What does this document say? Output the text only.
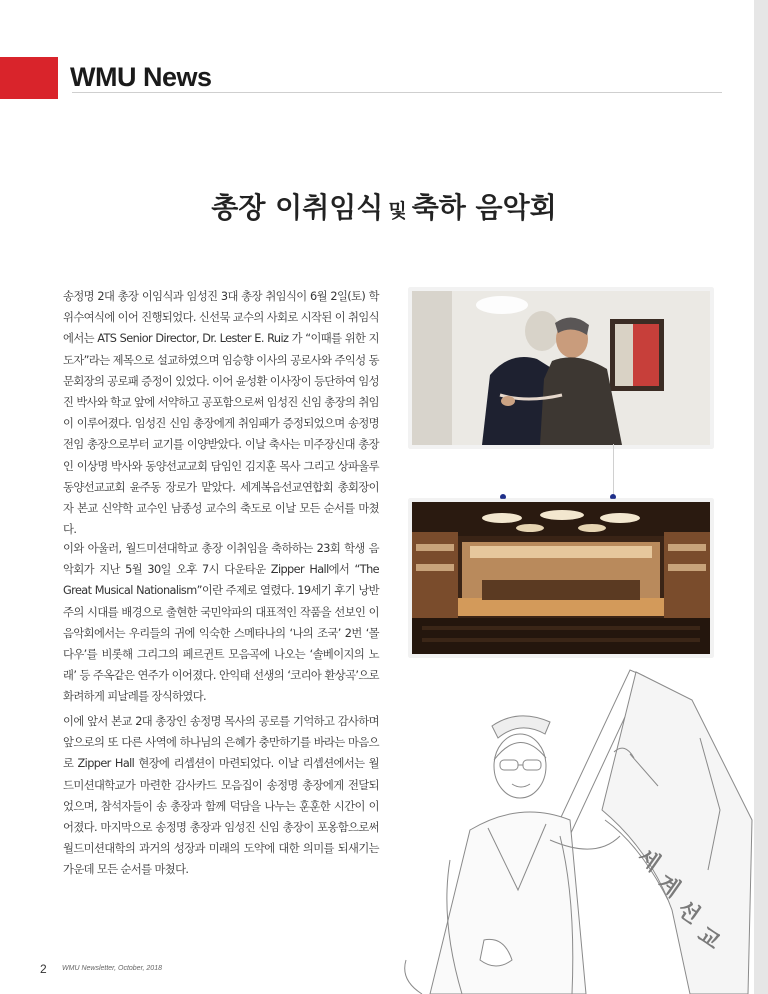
WMU News
총장 이취임식 및 축하 음악회

송정명 2대 총장 이임식과 임성진 3대 총장 취임식이 6월 2일(토) 학위수여식에 이어 진행되었다. 신선묵 교수의 사회로 시작된 이 취임식에서는 ATS Senior Director, Dr. Lester E. Ruiz 가 “이때를 위한 지도자”라는 제목으로 설교하였으며 임승향 이사의 공로사와 주익성 동문회장의 공로패 증정이 있었다. 이어 윤성환 이사장이 등단하여 임성진 박사와 학교 앞에 서약하고 공포함으로써 임성진 신임 총장의 취임이 이루어졌다. 임성진 신임 총장에게 취임패가 증정되었으며 송정명 전임 총장으로부터 교기를 이양받았다. 이날 축사는 미주장신대 총장인 이상명 박사와 동양선교교회 담임인 김지훈 목사 그리고 상파울루 동양선교교회 윤주동 장로가 맡았다. 세계복음선교연합회 총회장이자 본교 신약학 교수인 남종성 교수의 축도로 이날 모든 순서를 마쳤다.

이와 아울러, 월드미션대학교 총장 이취임을 축하하는 23회 학생 음악회가 지난 5월 30일 오후 7시 다운타운 Zipper Hall에서 “The Great Musical Nationalism”이란 주제로 열렸다. 19세기 후기 낭반주의 시대를 배경으로 출현한 국민악파의 대표적인 작품을 선보인 이 음악회에서는 우리들의 귀에 익숙한 스메타나의 ‘나의 조국’ 2번 ‘몰다우’를 비롯해 그리그의 페르귄트 모음곡에 나오는 ‘솔베이지의 노래’ 등 주옥같은 연주가 이어졌다. 안익태 선생의 ‘코리아 환상곡’으로 화려하게 피날레를 장식하였다.

이에 앞서 본교 2대 총장인 송정명 목사의 공로를 기억하고 감사하며 앞으로의 또 다른 사역에 하나님의 은혜가 충만하기를 바라는 마음으로 Zipper Hall 현장에 리셉션이 마련되었다. 이날 리셉션에서는 월드미션대학교가 마련한 감사카드 모음집이 송정명 총장에게 전달되었으며, 참석자들이 송 총장과 함께 덕담을 나누는 훈훈한 시간이 이어졌다. 마지막으로 송정명 총장과 임성진 신임 총장이 포옹함으로써 월드미션대학의 과거의 성장과 미래의 도약에 대한 의미를 되새기는 가운데 모든 순서를 마쳤다.	세
계
선
교

2 WMU Newsletter, October, 2018
